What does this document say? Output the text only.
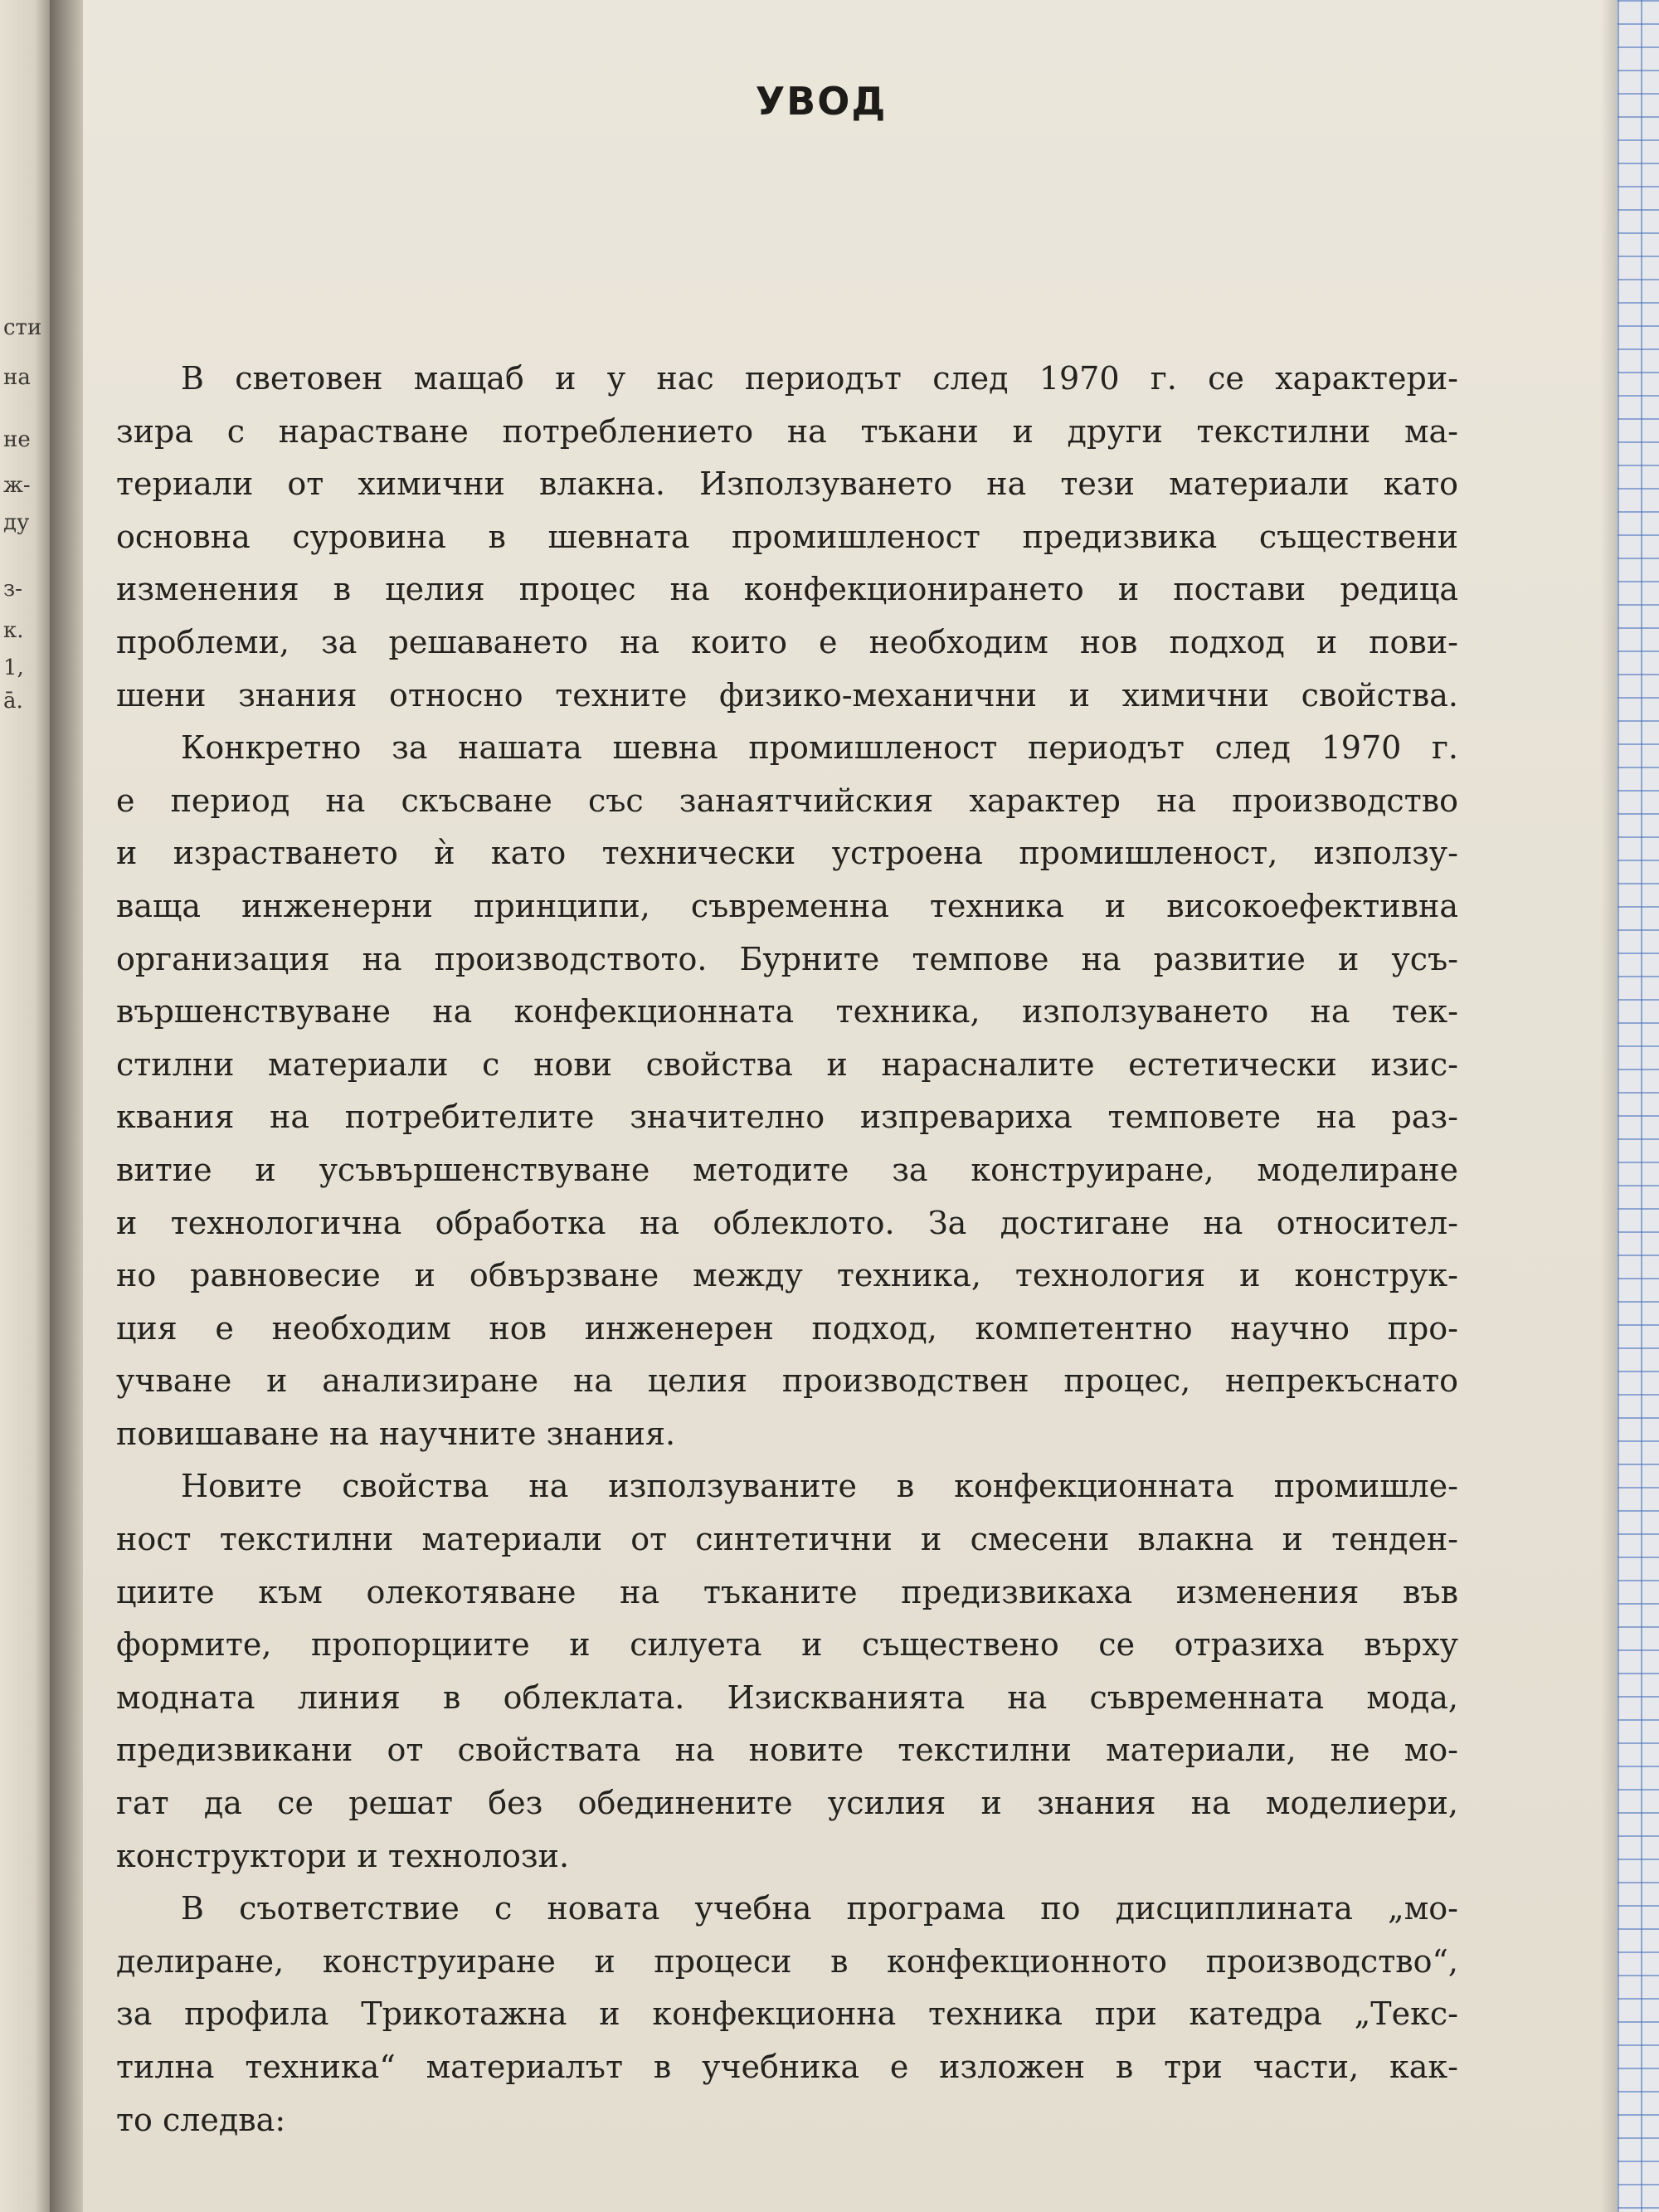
сти
на
не
ж-
ду
з-
к.
1,
ā.
УВОД
В световен мащаб и у нас периодът след 1970 г. се характери-
зира с нарастване потреблението на тъкани и други текстилни ма-
териали от химични влакна. Използуването на тези материали като
основна суровина в шевната промишленост предизвика съществени
изменения в целия процес на конфекционирането и постави редица
проблеми, за решаването на които е необходим нов подход и пови-
шени знания относно техните физико-механични и химични свойства.
Конкретно за нашата шевна промишленост периодът след 1970 г.
е период на скъсване със занаятчийския характер на производство
и израстването ѝ като технически устроена промишленост, използу-
ваща инженерни принципи, съвременна техника и високоефективна
организация на производството. Бурните темпове на развитие и усъ-
вършенствуване на конфекционната техника, използуването на тек-
стилни материали с нови свойства и нарасналите естетически изис-
квания на потребителите значително изпревариха темповете на раз-
витие и усъвършенствуване методите за конструиране, моделиране
и технологична обработка на облеклото. За достигане на относител-
но равновесие и обвързване между техника, технология и конструк-
ция е необходим нов инженерен подход, компетентно научно про-
учване и анализиране на целия производствен процес, непрекъснато
повишаване на научните знания.
Новите свойства на използуваните в конфекционната промишле-
ност текстилни материали от синтетични и смесени влакна и тенден-
циите към олекотяване на тъканите предизвикаха изменения във
формите, пропорциите и силуета и съществено се отразиха върху
модната линия в облеклата. Изискванията на съвременната мода,
предизвикани от свойствата на новите текстилни материали, не мо-
гат да се решат без обединените усилия и знания на моделиери,
конструктори и технолози.
В съответствие с новата учебна програма по дисциплината „мо-
делиране, конструиране и процеси в конфекционното производство“,
за профила Трикотажна и конфекционна техника при катедра „Текс-
тилна техника“ материалът в учебника е изложен в три части, как-
то следва:
